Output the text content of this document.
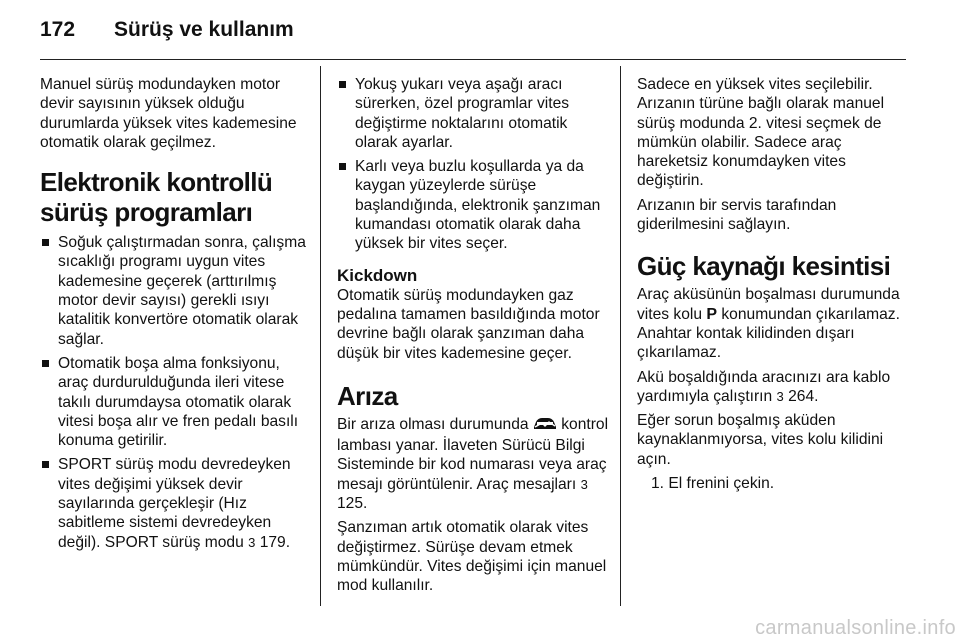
172 Sürüş ve kullanım

Manuel sürüş modundayken motor devir sayısının yüksek olduğu durumlarda yüksek vites kademesine otomatik olarak geçilmez.

Elektronik kontrollü sürüş programları
Soğuk çalıştırmadan sonra, çalışma sıcaklığı programı uygun vites kademesine geçerek (arttırılmış motor devir sayısı) gerekli ısıyı katalitik konvertöre otomatik olarak sağlar.
Otomatik boşa alma fonksiyonu, araç durdurulduğunda ileri vitese takılı durumdaysa otomatik olarak vitesi boşa alır ve fren pedalı basılı konuma getirilir.
SPORT sürüş modu devredeyken vites değişimi yüksek devir sayılarında gerçekleşir (Hız sabitleme sistemi devredeyken değil). SPORT sürüş modu 3 179.
Yokuş yukarı veya aşağı aracı sürerken, özel programlar vites değiştirme noktalarını otomatik olarak ayarlar.
Karlı veya buzlu koşullarda ya da kaygan yüzeylerde sürüşe başlandığında, elektronik şanzıman kumandası otomatik olarak daha yüksek bir vites seçer.
Kickdown

Otomatik sürüş modundayken gaz pedalına tamamen basıldığında motor devrine bağlı olarak şanzıman daha düşük bir vites kademesine geçer.

Arıza

Bir arıza olması durumunda kontrol lambası yanar. İlaveten Sürücü Bilgi Sisteminde bir kod numarası veya araç mesajı görüntülenir. Araç mesajları 3 125.

Şanzıman artık otomatik olarak vites değiştirmez. Sürüşe devam etmek mümkündür. Vites değişimi için manuel mod kullanılır.

Sadece en yüksek vites seçilebilir. Arızanın türüne bağlı olarak manuel sürüş modunda 2. vitesi seçmek de mümkün olabilir. Sadece araç hareketsiz konumdayken vites değiştirin.

Arızanın bir servis tarafından giderilmesini sağlayın.

Güç kaynağı kesintisi

Araç aküsünün boşalması durumunda vites kolu P konumundan çıkarılamaz. Anahtar kontak kilidinden dışarı çıkarılamaz.

Akü boşaldığında aracınızı ara kablo yardımıyla çalıştırın 3 264.

Eğer sorun boşalmış aküden kaynaklanmıyorsa, vites kolu kilidini açın.

1. El frenini çekin.
carmanualsonline.info
